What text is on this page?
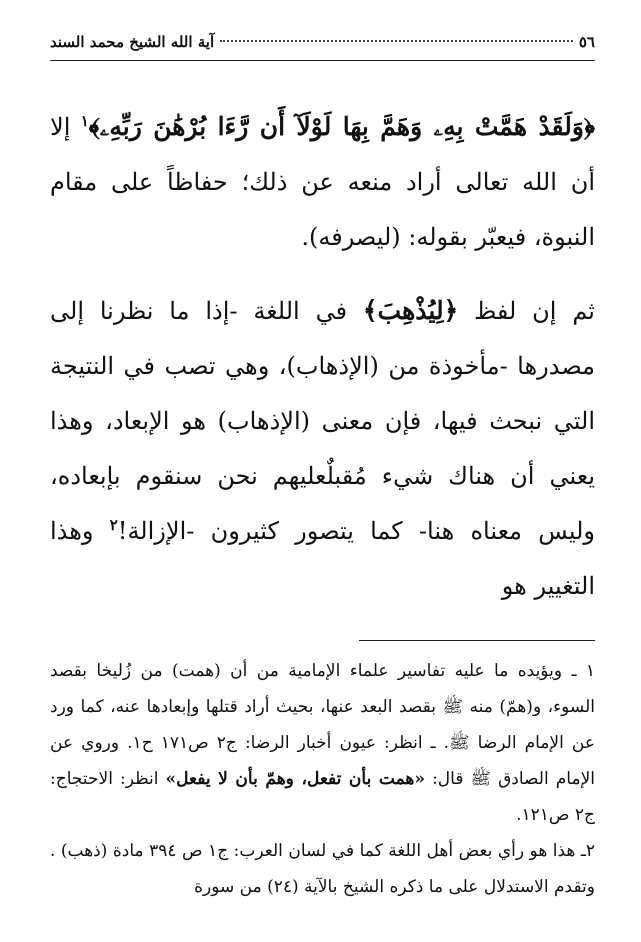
٥٦
آية الله الشيخ محمد السند

﴿وَلَقَدْ هَمَّتْ بِهِۦ وَهَمَّ بِهَا لَوْلَآ أَن رَّءَا بُرْهَٰنَ رَبِّهِۦ﴾$^١$ إلا أن الله تعالى أراد منعه عن ذلك؛ حفاظاً على مقام النبوة، فيعبّر بقوله: (ليصرفه).

ثم إن لفظ ﴿لِيُذْهِبَ﴾ في اللغة -إذا ما نظرنا إلى مصدرها -مأخوذة من (الإذهاب)، وهي تصب في النتيجة التي نبحث فيها، فإن معنى (الإذهاب) هو الإبعاد، وهذا يعني أن هناك شيء مُقبلٌعليهم نحن سنقوم بإبعاده، وليس معناه هنا- كما يتصور كثيرون -الإزالة!$^٢$ وهذا التغيير هو

١ ـ ويؤيده ما عليه تفاسير علماء الإمامية من أن (همت) من زُليخا بقصد السوء، و(همّ) منه ﷺ بقصد البعد عنها، بحيث أراد قتلها وإبعادها عنه، كما ورد عن الإمام الرضا ﷺ. ـ انظر: عيون أخبار الرضا: ج٢ ص١٧١ ح١. وروي عن الإمام الصادق ﷺ قال: «همت بأن تفعل، وهمّ بأن لا يفعل» انظر: الاحتجاج: ج٢ ص١٢١.

٢ـ هذا هو رأي بعض أهل اللغة كما في لسان العرب: ج١ ص ٣٩٤ مادة (ذهب) . وتقدم الاستدلال على ما ذكره الشيخ بالآية (٢٤) من سورة
